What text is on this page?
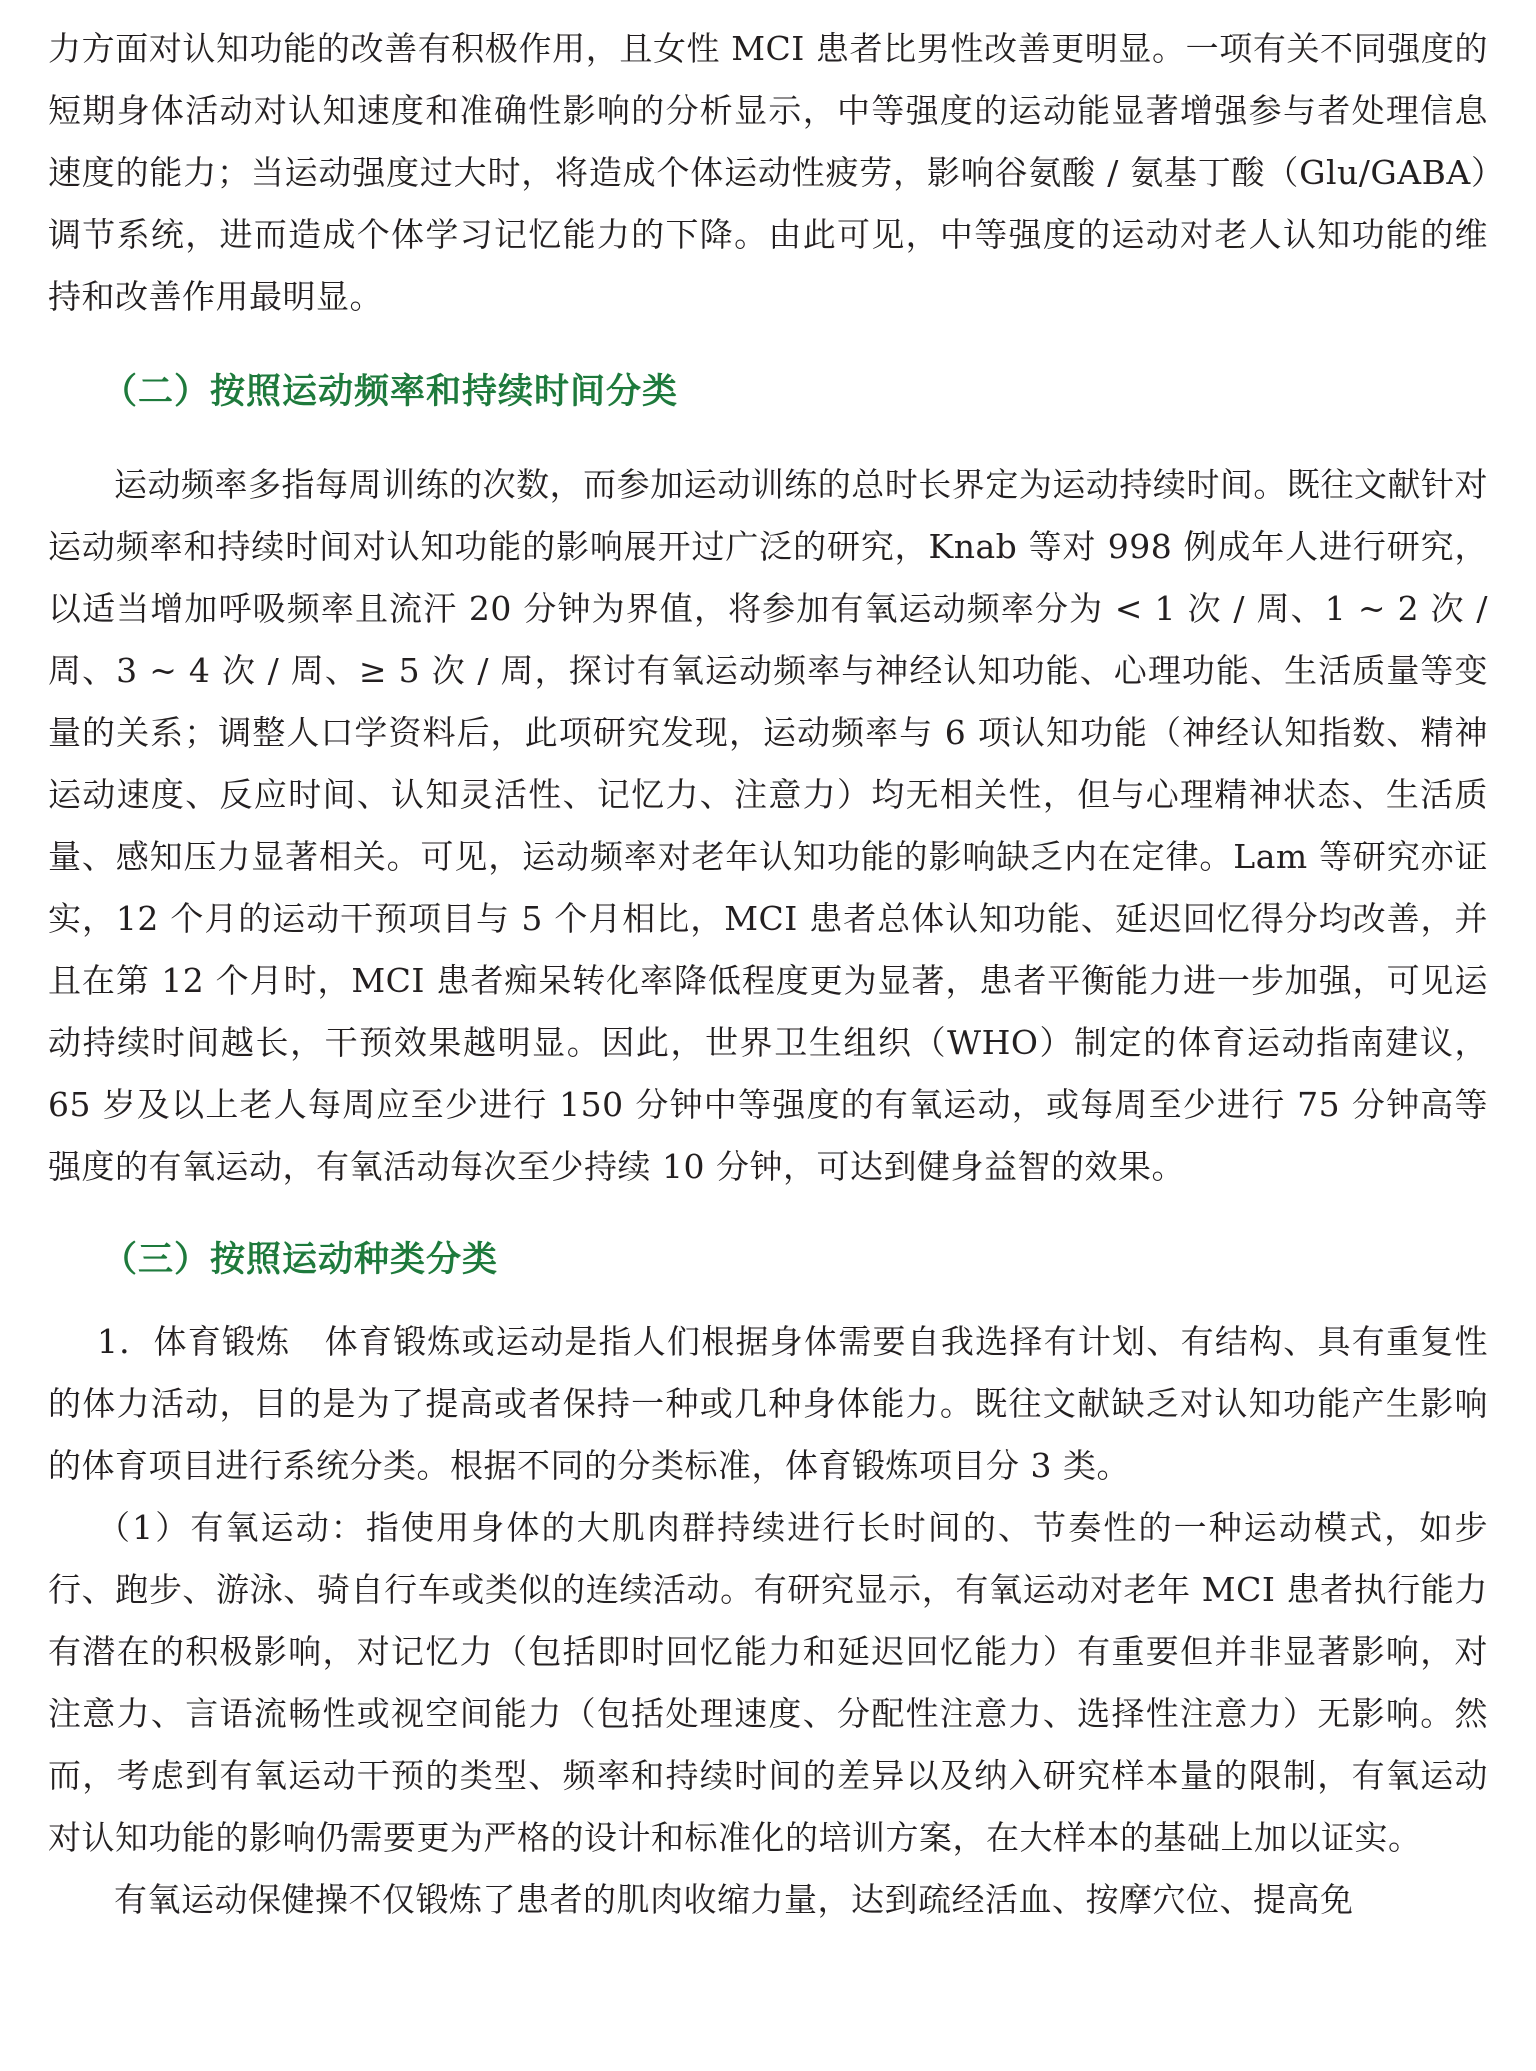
力方面对认知功能的改善有积极作用，且女性 MCI 患者比男性改善更明显。一项有关不同强度的短期身体活动对认知速度和准确性影响的分析显示，中等强度的运动能显著增强参与者处理信息速度的能力；当运动强度过大时，将造成个体运动性疲劳，影响谷氨酸 / 氨基丁酸（Glu/GABA）调节系统，进而造成个体学习记忆能力的下降。由此可见，中等强度的运动对老人认知功能的维持和改善作用最明显。

（二）按照运动频率和持续时间分类

运动频率多指每周训练的次数，而参加运动训练的总时长界定为运动持续时间。既往文献针对运动频率和持续时间对认知功能的影响展开过广泛的研究，Knab 等对 998 例成年人进行研究，以适当增加呼吸频率且流汗 20 分钟为界值，将参加有氧运动频率分为 < 1 次 / 周、1 ~ 2 次 / 周、3 ~ 4 次 / 周、≥ 5 次 / 周，探讨有氧运动频率与神经认知功能、心理功能、生活质量等变量的关系；调整人口学资料后，此项研究发现，运动频率与 6 项认知功能（神经认知指数、精神运动速度、反应时间、认知灵活性、记忆力、注意力）均无相关性，但与心理精神状态、生活质量、感知压力显著相关。可见，运动频率对老年认知功能的影响缺乏内在定律。Lam 等研究亦证实，12 个月的运动干预项目与 5 个月相比，MCI 患者总体认知功能、延迟回忆得分均改善，并且在第 12 个月时，MCI 患者痴呆转化率降低程度更为显著，患者平衡能力进一步加强，可见运动持续时间越长，干预效果越明显。因此，世界卫生组织（WHO）制定的体育运动指南建议，65 岁及以上老人每周应至少进行 150 分钟中等强度的有氧运动，或每周至少进行 75 分钟高等强度的有氧运动，有氧活动每次至少持续 10 分钟，可达到健身益智的效果。

（三）按照运动种类分类

1．体育锻炼　体育锻炼或运动是指人们根据身体需要自我选择有计划、有结构、具有重复性的体力活动，目的是为了提高或者保持一种或几种身体能力。既往文献缺乏对认知功能产生影响的体育项目进行系统分类。根据不同的分类标准，体育锻炼项目分 3 类。

（1）有氧运动：指使用身体的大肌肉群持续进行长时间的、节奏性的一种运动模式，如步行、跑步、游泳、骑自行车或类似的连续活动。有研究显示，有氧运动对老年 MCI 患者执行能力有潜在的积极影响，对记忆力（包括即时回忆能力和延迟回忆能力）有重要但并非显著影响，对注意力、言语流畅性或视空间能力（包括处理速度、分配性注意力、选择性注意力）无影响。然而，考虑到有氧运动干预的类型、频率和持续时间的差异以及纳入研究样本量的限制，有氧运动对认知功能的影响仍需要更为严格的设计和标准化的培训方案，在大样本的基础上加以证实。

有氧运动保健操不仅锻炼了患者的肌肉收缩力量，达到疏经活血、按摩穴位、提高免
